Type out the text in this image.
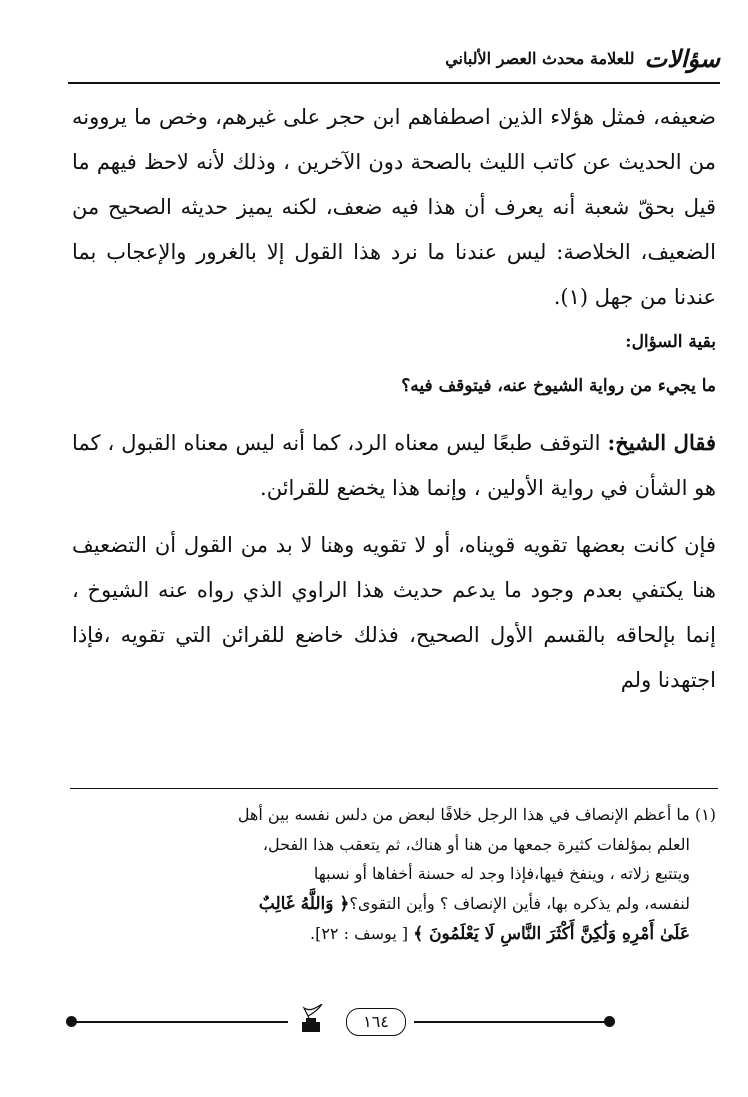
سؤالات
للعلامة محدث العصر الألباني

ضعيفه، فمثل هؤلاء الذين اصطفاهم ابن حجر على غيرهم، وخص ما يروونه من الحديث عن كاتب الليث بالصحة دون الآخرين ، وذلك لأنه لاحظ فيهم ما قيل بحقّ شعبة أنه يعرف أن هذا فيه ضعف، لكنه يميز حديثه الصحيح من الضعيف، الخلاصة: ليس عندنا ما نرد هذا القول إلا بالغرور والإعجاب بما عندنا من جهل (١).

بقية السؤال:

ما يجيء من رواية الشيوخ عنه، فيتوقف فيه؟

فقال الشيخ: التوقف طبعًا ليس معناه الرد، كما أنه ليس معناه القبول ، كما هو الشأن في رواية الأولين ، وإنما هذا يخضع للقرائن.

فإن كانت بعضها تقويه قويناه، أو لا تقويه وهنا لا بد من القول أن التضعيف هنا يكتفي بعدم وجود ما يدعم حديث هذا الراوي الذي رواه عنه الشيوخ ، إنما بإلحاقه بالقسم الأول الصحيح، فذلك خاضع للقرائن التي تقويه ،فإذا اجتهدنا ولم

(١) ما أعظم الإنصاف في هذا الرجل خلافًا لبعض من دلس نفسه بين أهل

العلم بمؤلفات كثيرة جمعها من هنا أو هناك، ثم يتعقب هذا الفحل،

ويتتبع زلاته ، وينفخ فيها،فإذا وجد له حسنة أخفاها أو نسبها

لنفسه، ولم يذكره بها، فأين الإنصاف ؟ وأين التقوى؟﴿ وَاللَّهُ غَالِبٌ

عَلَىٰ أَمْرِهِ وَلَٰكِنَّ أَكْثَرَ النَّاسِ لَا يَعْلَمُونَ ﴾ [ يوسف : ٢٢].

١٦٤
